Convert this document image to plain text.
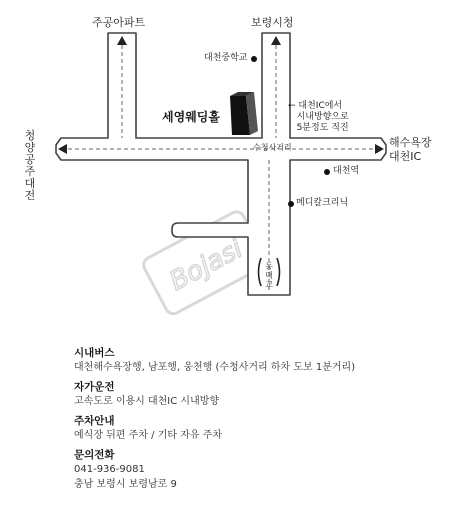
Bojasi
주공아파트	보령시청
청양공주대전
해수욕장
대천IC
세영웨딩홀
수청사거리
대천중학교
대천역
메디칼크리닉
← 대천IC에서
시내방향으로
5분정도 직진
동대교
시내버스
대천해수욕장행, 남포행, 웅천행 (수청사거리 하차 도보 1분거리)
자가운전
고속도로 이용시 대천IC 시내방향
주차안내
예식장 뒤편 주차 / 기타 자유 주차
문의전화
041-936-9081
충남 보령시 보령남로 9
